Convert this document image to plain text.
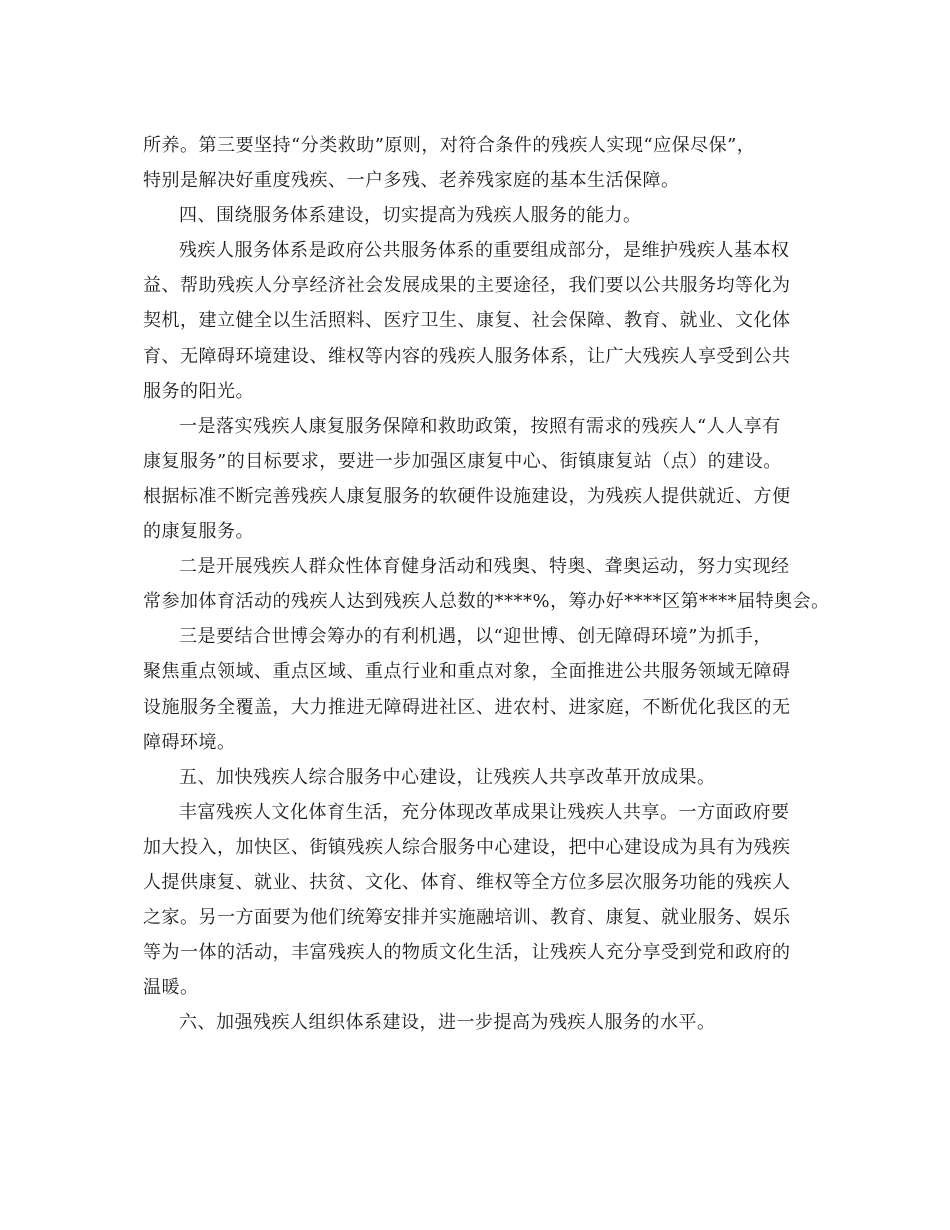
所养。第三要坚持“分类救助”原则，对符合条件的残疾人实现“应保尽保”，
特别是解决好重度残疾、一户多残、老养残家庭的基本生活保障。
四、围绕服务体系建设，切实提高为残疾人服务的能力。
残疾人服务体系是政府公共服务体系的重要组成部分，是维护残疾人基本权
益、帮助残疾人分享经济社会发展成果的主要途径，我们要以公共服务均等化为
契机，建立健全以生活照料、医疗卫生、康复、社会保障、教育、就业、文化体
育、无障碍环境建设、维权等内容的残疾人服务体系，让广大残疾人享受到公共
服务的阳光。
一是落实残疾人康复服务保障和救助政策，按照有需求的残疾人“人人享有
康复服务”的目标要求，要进一步加强区康复中心、街镇康复站（点）的建设。
根据标准不断完善残疾人康复服务的软硬件设施建设，为残疾人提供就近、方便
的康复服务。
二是开展残疾人群众性体育健身活动和残奥、特奥、聋奥运动，努力实现经
常参加体育活动的残疾人达到残疾人总数的****%，筹办好****区第****届特奥会。
三是要结合世博会筹办的有利机遇，以“迎世博、创无障碍环境”为抓手，
聚焦重点领域、重点区域、重点行业和重点对象，全面推进公共服务领域无障碍
设施服务全覆盖，大力推进无障碍进社区、进农村、进家庭，不断优化我区的无
障碍环境。
五、加快残疾人综合服务中心建设，让残疾人共享改革开放成果。
丰富残疾人文化体育生活，充分体现改革成果让残疾人共享。一方面政府要
加大投入，加快区、街镇残疾人综合服务中心建设，把中心建设成为具有为残疾
人提供康复、就业、扶贫、文化、体育、维权等全方位多层次服务功能的残疾人
之家。另一方面要为他们统筹安排并实施融培训、教育、康复、就业服务、娱乐
等为一体的活动，丰富残疾人的物质文化生活，让残疾人充分享受到党和政府的
温暖。
六、加强残疾人组织体系建设，进一步提高为残疾人服务的水平。
